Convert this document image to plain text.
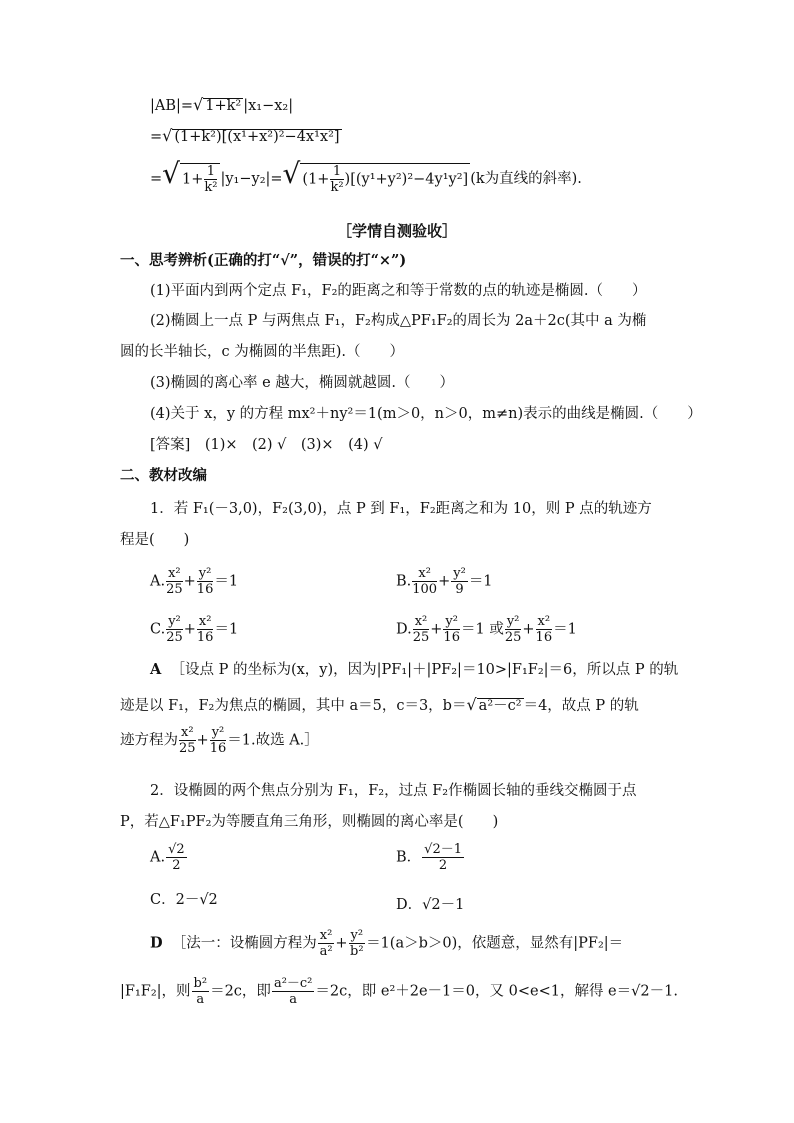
|AB|=√ 1+k² |x₁−x₂|
=√ (1+k²)[(x¹+x²)²−4x¹x²]
=√ $1+ \frac{1}{\text{k²}} |y_1-y_2|=√$ $(1+ \frac{1}{\text{k²}} )[(y^1+y^2)^2-4y^1y^2]$ (k为直线的斜率).
［学情自测验收］
一、思考辨析(正确的打“√”，错误的打“×”)
(1)平面内到两个定点 F₁，F₂的距离之和等于常数的点的轨迹是椭圆.（　　）
(2)椭圆上一点 P 与两焦点 F₁，F₂构成△PF₁F₂的周长为 2a＋2c(其中 a 为椭
圆的长半轴长，c 为椭圆的半焦距).（　　）
(3)椭圆的离心率 e 越大，椭圆就越圆.（　　）
(4)关于 x，y 的方程 mx²＋ny²＝1(m＞0，n＞0，m≠n)表示的曲线是椭圆.（　　）
[答案]　(1)×　(2) √　(3)×　(4) √
二、教材改编
1．若 F₁(－3,0)，F₂(3,0)，点 P 到 F₁，F₂距离之和为 10，则 P 点的轨迹方
程是(　　)
A. $\frac{\text{x²}}{25} + \frac{\text{y²}}{16} =1$	B. $\frac{\text{x²}}{100} + \frac{\text{y²}}{9} =1$
C. $\frac{\text{y²}}{25} + \frac{\text{x²}}{16} =1$	D. $\frac{\text{x²}}{25} + \frac{\text{y²}}{16} =1$ 或 $\frac{\text{y²}}{25} + \frac{\text{x²}}{16} =1$
A ［设点 P 的坐标为(x，y)，因为|PF₁|＋|PF₂|＝10>|F₁F₂|＝6，所以点 P 的轨
迹是以 F₁，F₂为焦点的椭圆，其中 a＝5，c＝3，b＝√ a²－c² ＝4，故点 P 的轨
迹方程为 $\frac{\text{x²}}{25} + \frac{\text{y²}}{16} =1$.故选 A.］
2．设椭圆的两个焦点分别为 F₁，F₂，过点 F₂作椭圆长轴的垂线交椭圆于点
P，若△F₁PF₂为等腰直角三角形，则椭圆的离心率是(　　)
A. $\frac{√2}{2}$	B． $\frac{√2-1}{2}$
C．2－√2	D．√2－1
D ［法一：设椭圆方程为 $\frac{\text{x²}}{\text{a²}} + \frac{\text{y²}}{\text{b²}} =1(a>b>0)$，依题意，显然有|PF₂|＝
|F₁F₂|，则 $\frac{\text{b²}}{a} =2c$，即 $\frac{\text{a²－c²}}{a} =2c$，即 e²＋2e－1＝0，又 0<e<1，解得 e＝√2－1.
